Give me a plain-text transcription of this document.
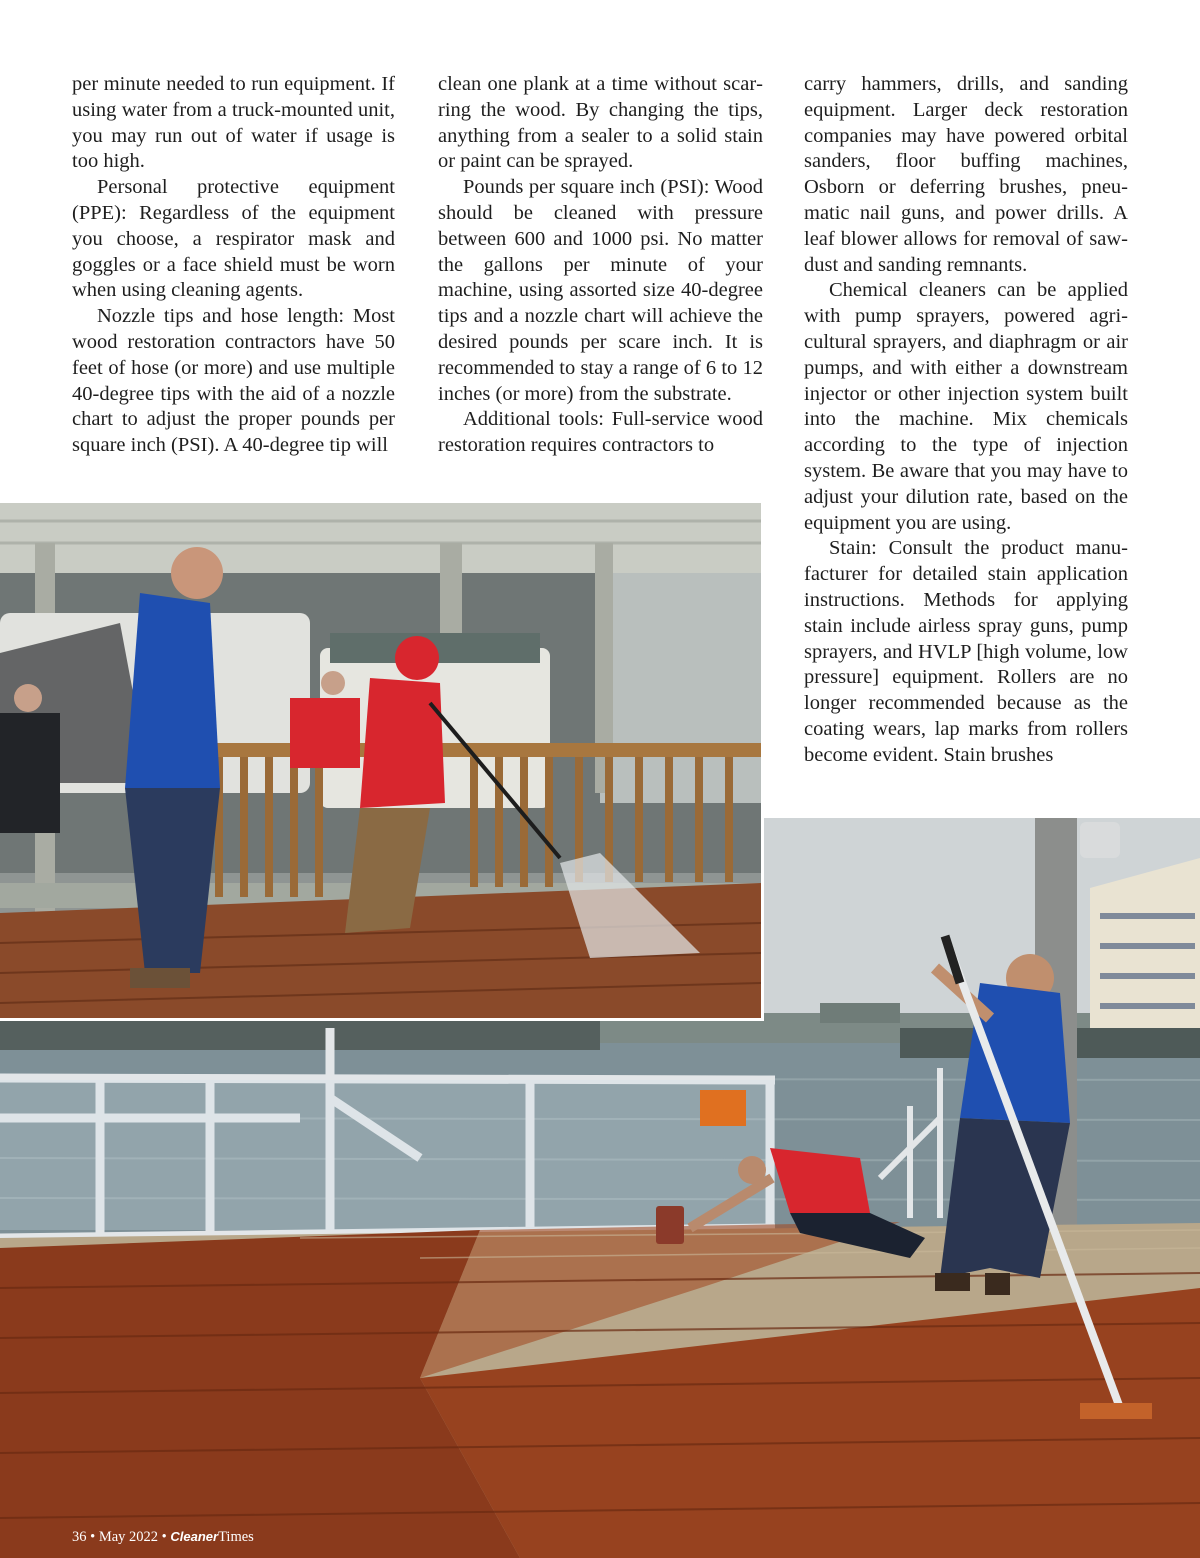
per minute needed to run equipment. If using water from a truck-mounted unit, you may run out of water if usage is too high.

Personal protective equipment (PPE): Regardless of the equipment you choose, a respirator mask and goggles or a face shield must be worn when using cleaning agents.

Nozzle tips and hose length: Most wood restoration contractors have 50 feet of hose (or more) and use multiple 40-degree tips with the aid of a nozzle chart to adjust the proper pounds per square inch (PSI). A 40-degree tip will

clean one plank at a time without scarring the wood. By changing the tips, anything from a sealer to a solid stain or paint can be sprayed.

Pounds per square inch (PSI): Wood should be cleaned with pressure between 600 and 1000 psi. No matter the gallons per minute of your machine, using assorted size 40-degree tips and a nozzle chart will achieve the desired pounds per scare inch. It is recommended to stay a range of 6 to 12 inches (or more) from the substrate.

Additional tools: Full-service wood restoration requires contractors to

carry hammers, drills, and sanding equipment. Larger deck restoration companies may have powered orbital sanders, floor buffing machines, Osborn or deferring brushes, pneumatic nail guns, and power drills. A leaf blower allows for removal of sawdust and sanding remnants.

Chemical cleaners can be applied with pump sprayers, powered agricultural sprayers, and diaphragm or air pumps, and with either a downstream injector or other injection system built into the machine. Mix chemicals according to the type of injection system. Be aware that you may have to adjust your dilution rate, based on the equipment you are using.

Stain: Consult the product manufacturer for detailed stain application instructions. Methods for applying stain include airless spray guns, pump sprayers, and HVLP [high volume, low pressure] equipment. Rollers are no longer recommended because as the coating wears, lap marks from rollers become evident. Stain brushes

36 • May 2022 • CleanerTimes
